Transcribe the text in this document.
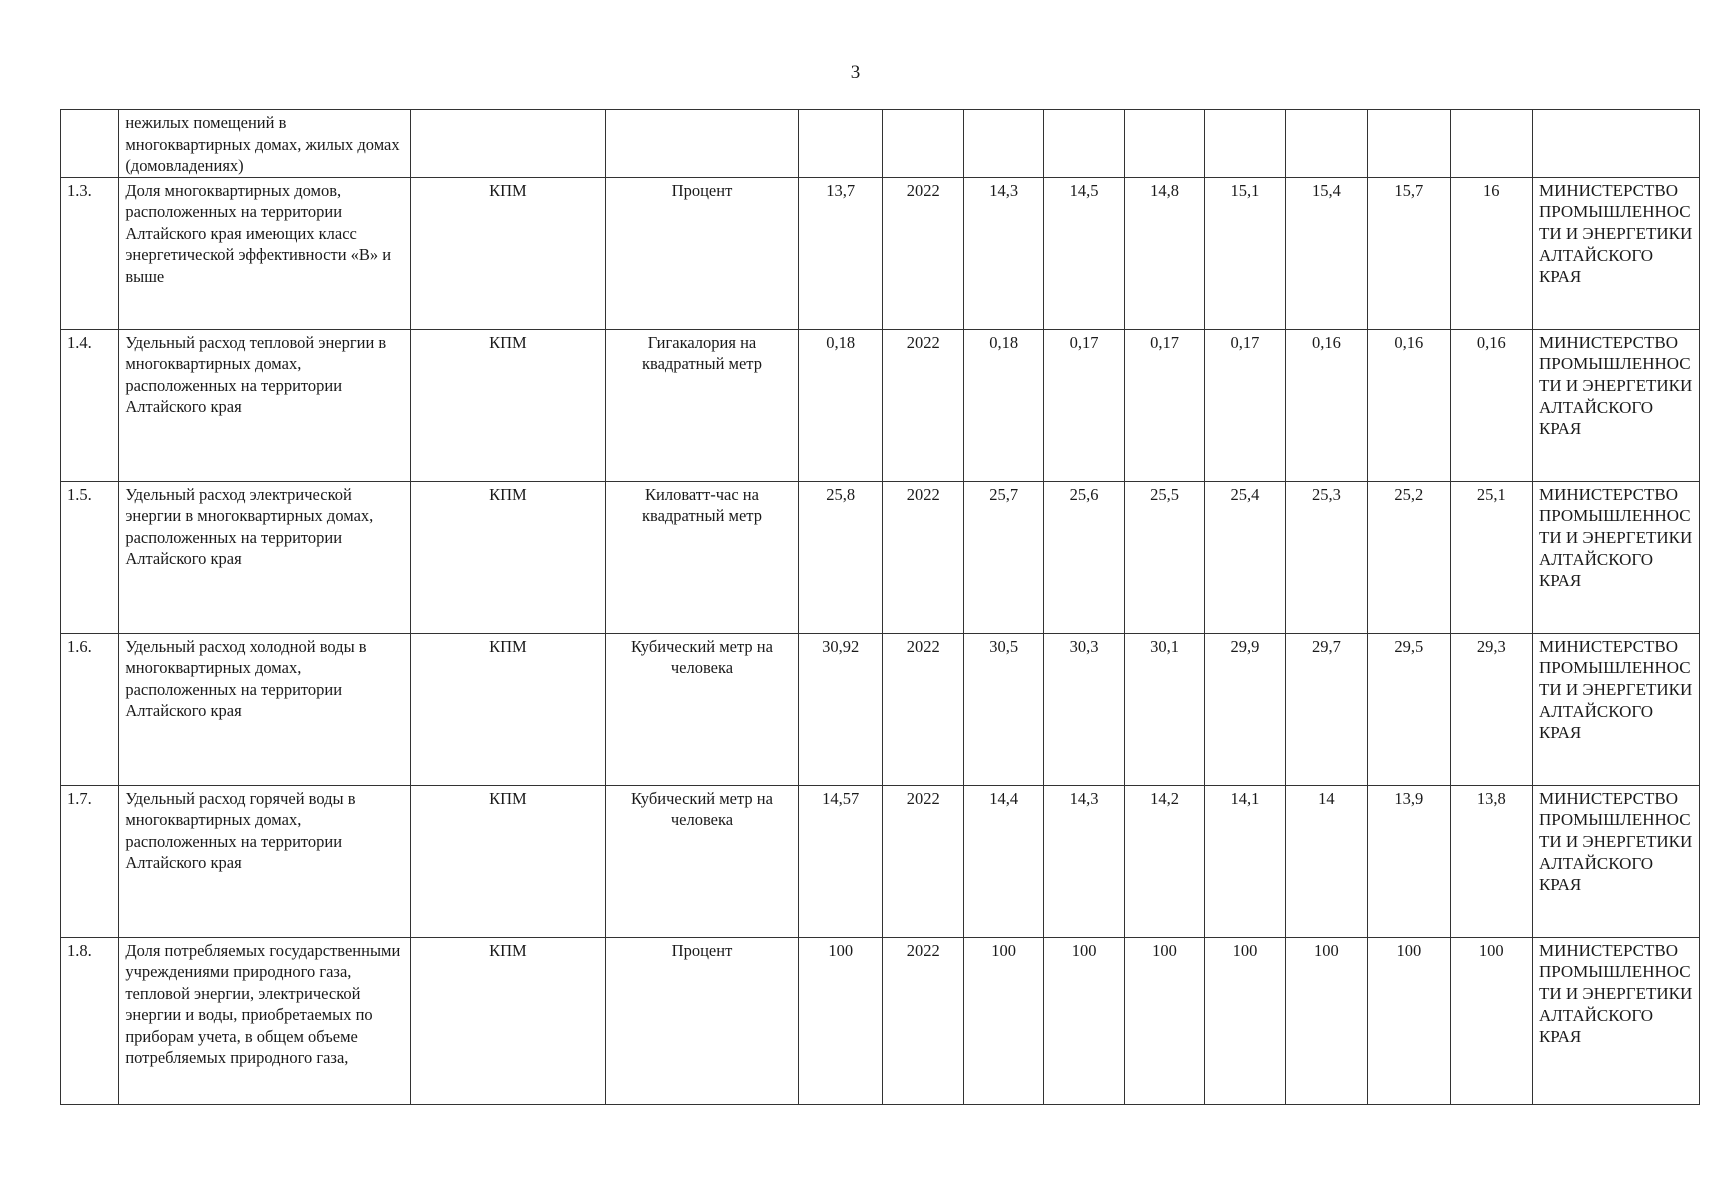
3
	нежилых помещений в многоквартирных домах, жилых домах (домовладениях)												
1.3.	Доля многоквартирных домов, расположенных на территории Алтайского края имеющих класс энергетической эффективности «В» и выше	КПМ	Процент	13,7	2022	14,3	14,5	14,8	15,1	15,4	15,7	16	МИНИСТЕРСТВО ПРОМЫШЛЕННОСТИ И ЭНЕРГЕТИКИ АЛТАЙСКОГО КРАЯ
1.4.	Удельный расход тепловой энергии в многоквартирных домах, расположенных на территории Алтайского края	КПМ	Гигакалория на квадратный метр	0,18	2022	0,18	0,17	0,17	0,17	0,16	0,16	0,16	МИНИСТЕРСТВО ПРОМЫШЛЕННОСТИ И ЭНЕРГЕТИКИ АЛТАЙСКОГО КРАЯ
1.5.	Удельный расход электрической энергии в многоквартирных домах, расположенных на территории Алтайского края	КПМ	Киловатт-час на квадратный метр	25,8	2022	25,7	25,6	25,5	25,4	25,3	25,2	25,1	МИНИСТЕРСТВО ПРОМЫШЛЕННОСТИ И ЭНЕРГЕТИКИ АЛТАЙСКОГО КРАЯ
1.6.	Удельный расход холодной воды в многоквартирных домах, расположенных на территории Алтайского края	КПМ	Кубический метр на человека	30,92	2022	30,5	30,3	30,1	29,9	29,7	29,5	29,3	МИНИСТЕРСТВО ПРОМЫШЛЕННОСТИ И ЭНЕРГЕТИКИ АЛТАЙСКОГО КРАЯ
1.7.	Удельный расход горячей воды в многоквартирных домах, расположенных на территории Алтайского края	КПМ	Кубический метр на человека	14,57	2022	14,4	14,3	14,2	14,1	14	13,9	13,8	МИНИСТЕРСТВО ПРОМЫШЛЕННОСТИ И ЭНЕРГЕТИКИ АЛТАЙСКОГО КРАЯ
1.8.	Доля потребляемых государственными учреждениями природного газа, тепловой энергии, электрической энергии и воды, приобретаемых по приборам учета, в общем объеме потребляемых природного газа,	КПМ	Процент	100	2022	100	100	100	100	100	100	100	МИНИСТЕРСТВО ПРОМЫШЛЕННОСТИ И ЭНЕРГЕТИКИ АЛТАЙСКОГО КРАЯ
